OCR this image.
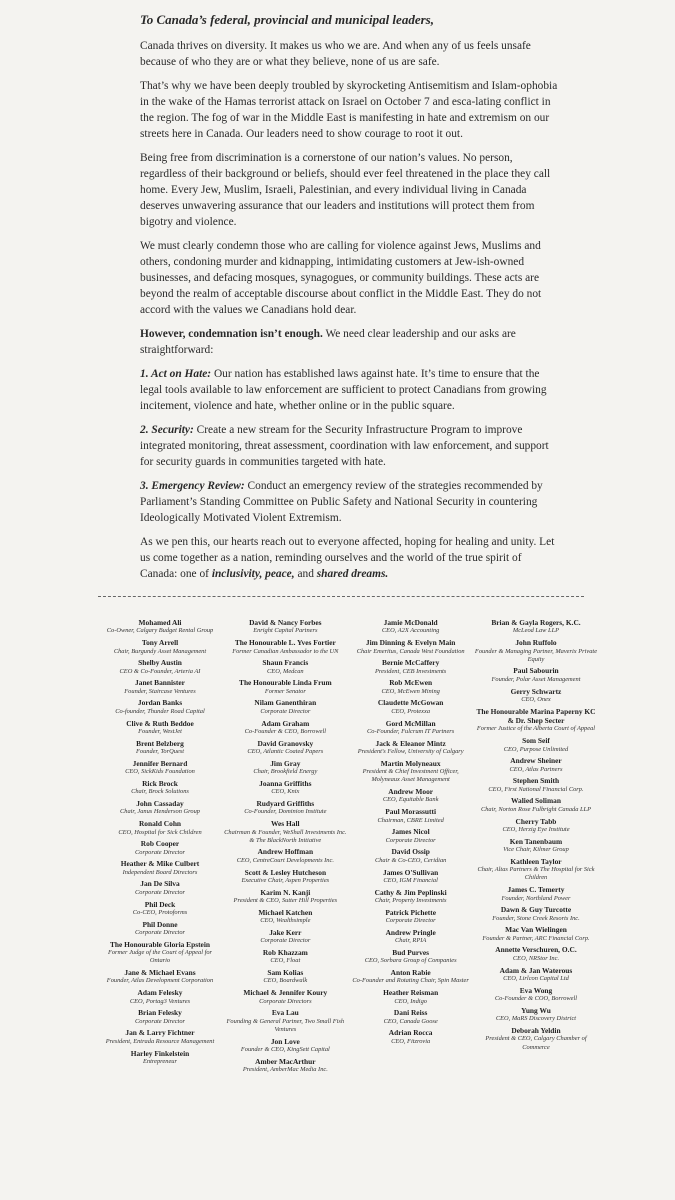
To Canada’s federal, provincial and municipal leaders,

Canada thrives on diversity. It makes us who we are. And when any of us feels unsafe because of who they are or what they believe, none of us are safe.

That’s why we have been deeply troubled by skyrocketing Antisemitism and Islam-ophobia in the wake of the Hamas terrorist attack on Israel on October 7 and esca-lating conflict in the region. The fog of war in the Middle East is manifesting in hate and extremism on our streets here in Canada. Our leaders need to show courage to root it out.

Being free from discrimination is a cornerstone of our nation’s values. No person, regardless of their background or beliefs, should ever feel threatened in the place they call home. Every Jew, Muslim, Israeli, Palestinian, and every individual living in Canada deserves unwavering assurance that our leaders and institutions will protect them from bigotry and violence.

We must clearly condemn those who are calling for violence against Jews, Muslims and others, condoning murder and kidnapping, intimidating customers at Jew-ish-owned businesses, and defacing mosques, synagogues, or community buildings. These acts are beyond the realm of acceptable discourse about conflict in the Middle East. They do not accord with the values we Canadians hold dear.

However, condemnation isn’t enough. We need clear leadership and our asks are straightforward:

1. Act on Hate: Our nation has established laws against hate. It’s time to ensure that the legal tools available to law enforcement are sufficient to protect Canadians from growing incitement, violence and hate, whether online or in the public square.

2. Security: Create a new stream for the Security Infrastructure Program to improve integrated monitoring, threat assessment, coordination with law enforcement, and support for security guards in communities targeted with hate.

3. Emergency Review: Conduct an emergency review of the strategies recommended by Parliament’s Standing Committee on Public Safety and National Security in countering Ideologically Motivated Violent Extremism.

As we pen this, our hearts reach out to everyone affected, hoping for healing and unity. Let us come together as a nation, reminding ourselves and the world of the true spirit of Canada: one of inclusivity, peace, and shared dreams.

Mohamed Ali
Co-Owner, Calgary Budget Rental Group
Tony Arrell
Chair, Burgundy Asset Management
Shelby Austin
CEO & Co-Founder, Arteria AI
Janet Bannister
Founder, Staircase Ventures
Jordan Banks
Co-founder, Thunder Road Capital
Clive & Ruth Beddoe
Founder, WestJet
Brent Belzberg
Founder, TorQuest
Jennifer Bernard
CEO, SickKids Foundation
Rick Brock
Chair, Brock Solutions
John Cassaday
Chair, Janus Henderson Group
Ronald Cohn
CEO, Hospital for Sick Children
Rob Cooper
Corporate Director
Heather & Mike Culbert
Independent Board Directors
Jan De Silva
Corporate Director
Phil Deck
Co-CEO, Protoforms
Phil Donne
Corporate Director
The Honourable Gloria Epstein
Former Judge of the Court of Appeal for Ontario
Jane & Michael Evans
Founder, Atlas Development Corporation
Adam Felesky
CEO, Portag3 Ventures
Brian Felesky
Corporate Director
Jan & Larry Fichtner
President, Entrada Resource Management
Harley Finkelstein
Entrepreneur
David & Nancy Forbes
Enright Capital Partners
The Honourable L. Yves Fortier
Former Canadian Ambassador to the UN
Shaun Francis
CEO, Medcan
The Honourable Linda Frum
Former Senator
Nilam Ganenthiran
Corporate Director
Adam Graham
Co-Founder & CEO, Borrowell
David Granovsky
CEO, Atlantic Coated Papers
Jim Gray
Chair, Brookfield Energy
Joanna Griffiths
CEO, Knix
Rudyard Griffiths
Co-Founder, Dominion Institute
Wes Hall
Chairman & Founder, WeShall Investments Inc. & The BlackNorth Initiative
Andrew Hoffman
CEO, CentreCourt Developments Inc.
Scott & Lesley Hutcheson
Executive Chair, Aspen Properties
Karim N. Kanji
President & CEO, Sutter Hill Properties
Michael Katchen
CEO, Wealthsimple
Jake Kerr
Corporate Director
Rob Khazzam
CEO, Float
Sam Kolias
CEO, Boardwalk
Michael & Jennifer Koury
Corporate Directors
Eva Lau
Founding & General Partner, Two Small Fish Ventures
Jon Love
Founder & CEO, KingSett Capital
Amber MacArthur
President, AmberMac Media Inc.
Jamie McDonald
CEO, A2X Accounting
Jim Dinning & Evelyn Main
Chair Emeritus, Canada West Foundation
Bernie McCaffery
President, CEB Investments
Rob McEwen
CEO, McEwen Mining
Claudette McGowan
CEO, Protexxa
Gord McMillan
Co-Founder, Fulcrum IT Partners
Jack & Eleanor Mintz
President's Fellow, University of Calgary
Martin Molyneaux
President & Chief Investment Officer, Molyneaux Asset Management
Andrew Moor
CEO, Equitable Bank
Paul Morassutti
Chairman, CBRE Limited
James Nicol
Corporate Director
David Ossip
Chair & Co-CEO, Ceridian
James O'Sullivan
CEO, IGM Financial
Cathy & Jim Peplinski
Chair, Property Investments
Patrick Pichette
Corporate Director
Andrew Pringle
Chair, RPIA
Bud Purves
CEO, Sorbara Group of Companies
Anton Rabie
Co-Founder and Rotating Chair, Spin Master
Heather Reisman
CEO, Indigo
Dani Reiss
CEO, Canada Goose
Adrian Rocca
CEO, Fitzrovia
Brian & Gayla Rogers, K.C.
McLeod Law LLP
John Ruffolo
Founder & Managing Partner, Maverix Private Equity
Paul Sabourin
Founder, Polar Asset Management
Gerry Schwartz
CEO, Onex
The Honourable Marina Paperny KC & Dr. Shep Secter
Former Justice of the Alberta Court of Appeal
Som Seif
CEO, Purpose Unlimited
Andrew Sheiner
CEO, Atlas Partners
Stephen Smith
CEO, First National Financial Corp.
Walied Soliman
Chair, Norton Rose Fulbright Canada LLP
Cherry Tabb
CEO, Herzig Eye Institute
Ken Tanenbaum
Vice Chair, Kilmer Group
Kathleen Taylor
Chair, Altas Partners & The Hospital for Sick Children
James C. Temerty
Founder, Northland Power
Dawn & Guy Turcotte
Founder, Stone Creek Resorts Inc.
Mac Van Wielingen
Founder & Partner, ARC Financial Corp.
Annette Verschuren, O.C.
CEO, NRStor Inc.
Adam & Jan Waterous
CEO, Lirlcon Capital Ltd
Eva Wong
Co-Founder & COO, Borrowell
Yung Wu
CEO, MaRS Discovery District
Deborah Yeldin
President & CEO, Calgary Chamber of Commerce
